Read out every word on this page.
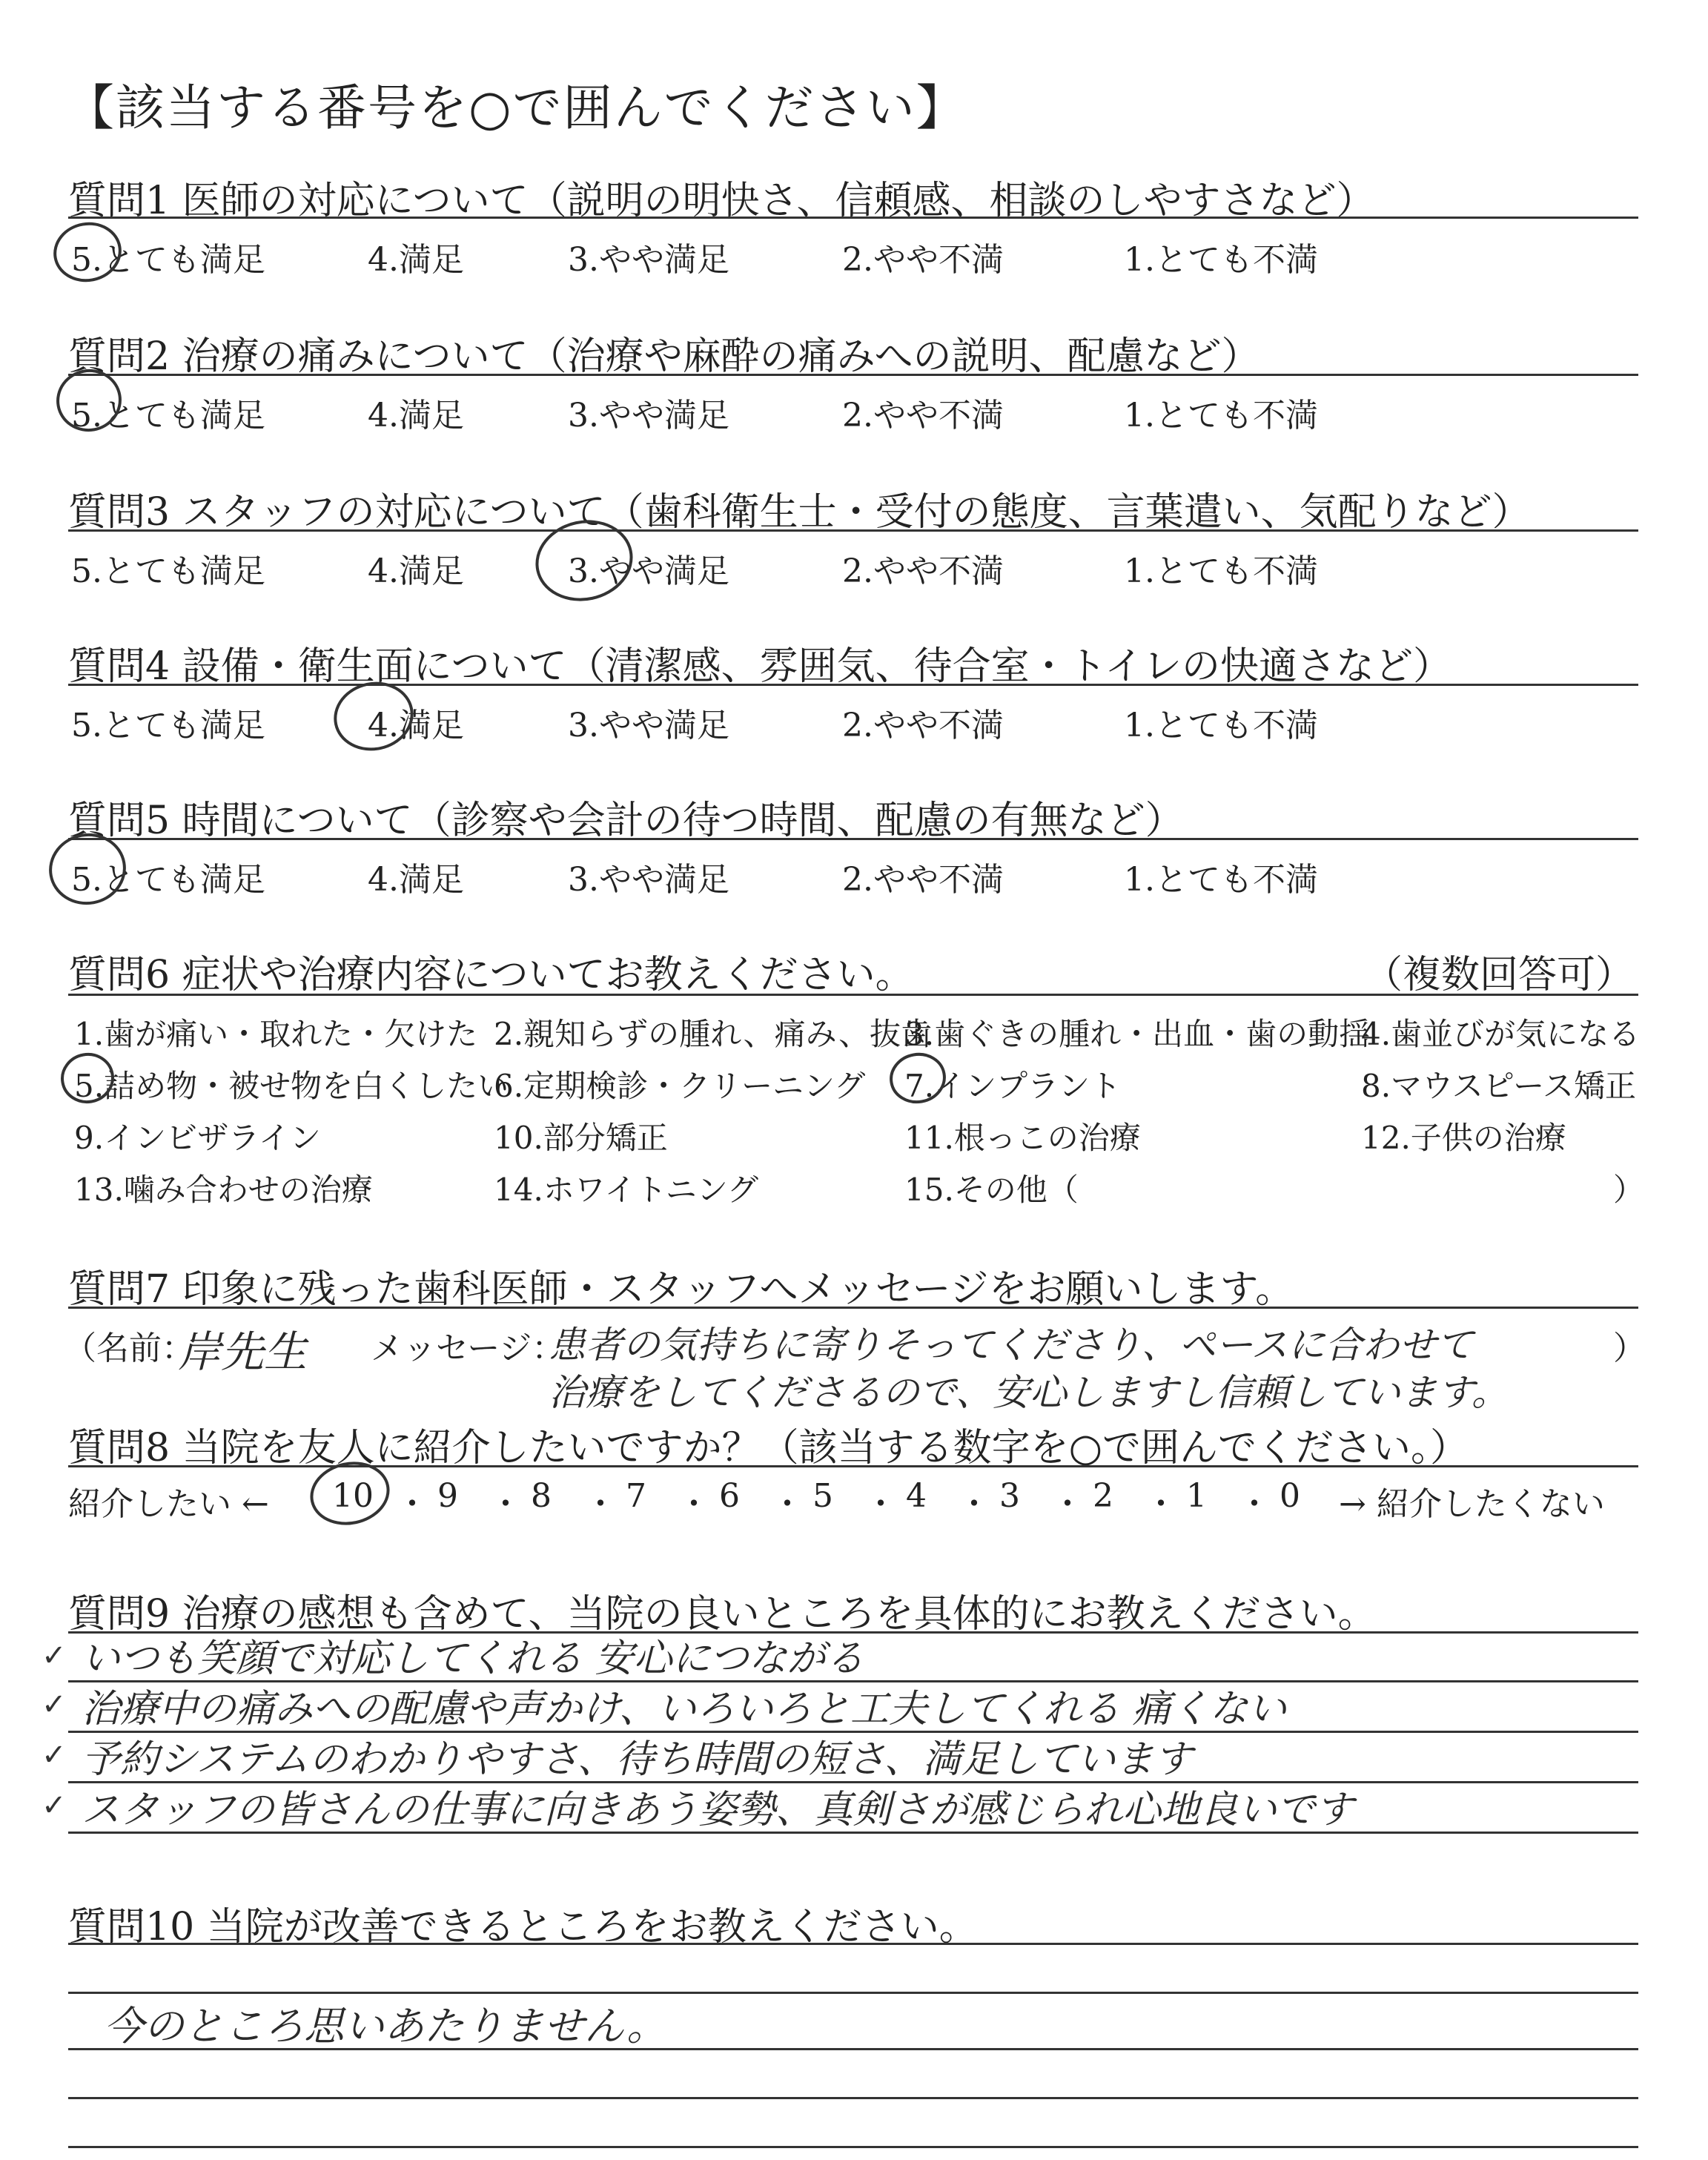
【該当する番号を○で囲んでください】
質問1 医師の対応について（説明の明快さ、信頼感、相談のしやすさなど）
5.とても満足	4.満足	3.やや満足	2.やや不満	1.とても不満
質問2 治療の痛みについて（治療や麻酔の痛みへの説明、配慮など）
5.とても満足	4.満足	3.やや満足	2.やや不満	1.とても不満
質問3 スタッフの対応について（歯科衛生士・受付の態度、言葉遣い、気配りなど）
5.とても満足	4.満足	3.やや満足	2.やや不満	1.とても不満
質問4 設備・衛生面について（清潔感、雰囲気、待合室・トイレの快適さなど）
5.とても満足	4.満足	3.やや満足	2.やや不満	1.とても不満
質問5 時間について（診察や会計の待つ時間、配慮の有無など）
5.とても満足	4.満足	3.やや満足	2.やや不満	1.とても不満
質問6 症状や治療内容についてお教えください。	（複数回答可）
1.歯が痛い・取れた・欠けた 2.親知らずの腫れ、痛み、抜歯
3.歯ぐきの腫れ・出血・歯の動揺
4.歯並びが気になる
5.詰め物・被せ物を白くしたい
6.定期検診・クリーニング 7.インプラント	8.マウスピース矯正
9.インビザライン	10.部分矯正	11.根っこの治療	12.子供の治療
13.噛み合わせの治療	14.ホワイトニング	15.その他（	）
質問7 印象に残った歯科医師・スタッフへメッセージをお願いします。
（名前：
岸先生 メッセージ：
患者の気持ちに寄りそってくださり、ペースに合わせて
治療をしてくださるので、安心しますし信頼しています。
）
質問8 当院を友人に紹介したいですか？（該当する数字を○で囲んでください。）
紹介したい ← 10 ・ 9 ・ 8 ・ 7 ・ 6 ・ 5 ・ 4 ・ 3 ・ 2 ・ 1 ・ 0 → 紹介したくない
質問9 治療の感想も含めて、当院の良いところを具体的にお教えください。
✓ いつも笑顔で対応してくれる 安心につながる
✓ 治療中の痛みへの配慮や声かけ、いろいろと工夫してくれる 痛くない
✓ 予約システムのわかりやすさ、待ち時間の短さ、満足しています
✓ スタッフの皆さんの仕事に向きあう姿勢、真剣さが感じられ心地良いです
質問10 当院が改善できるところをお教えください。
今のところ思いあたりません。
